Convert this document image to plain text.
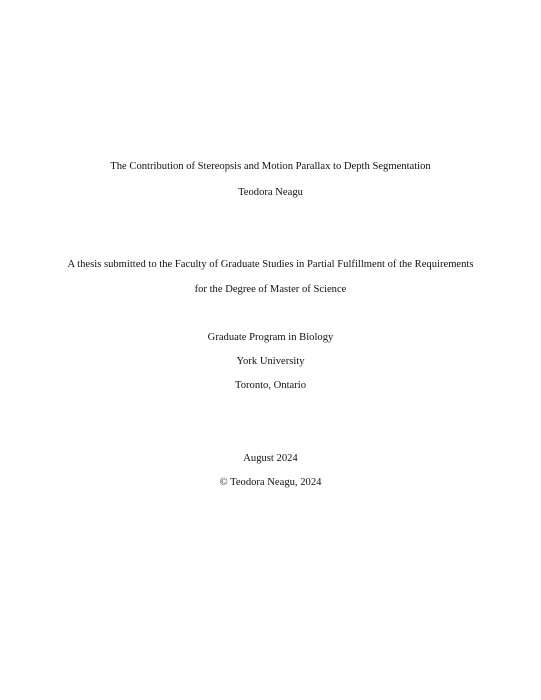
The Contribution of Stereopsis and Motion Parallax to Depth Segmentation
Teodora Neagu
A thesis submitted to the Faculty of Graduate Studies in Partial Fulfillment of the Requirements
for the Degree of Master of Science
Graduate Program in Biology
York University
Toronto, Ontario
August 2024
© Teodora Neagu, 2024
